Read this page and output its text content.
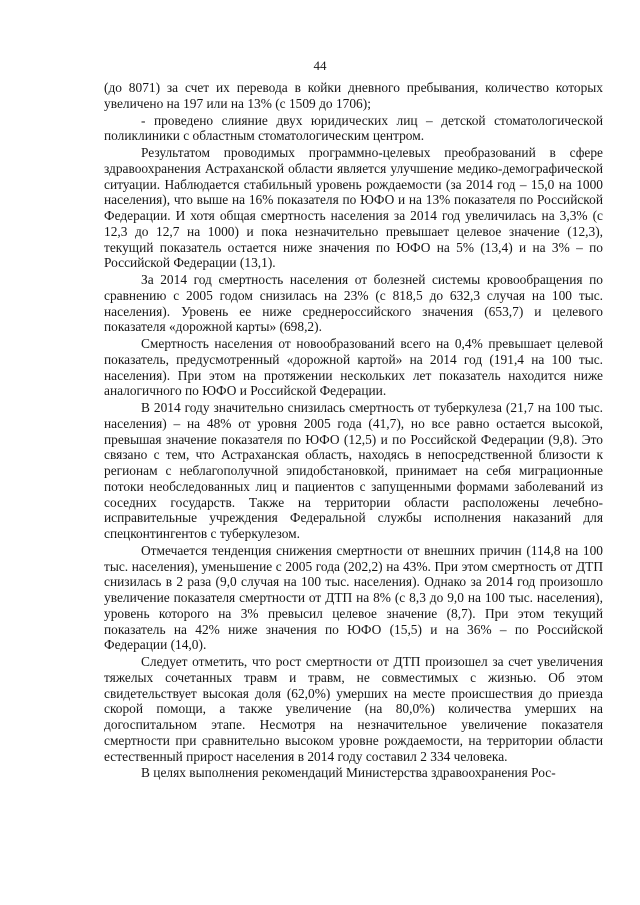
44

(до 8071) за счет их перевода в койки дневного пребывания, количество которых увеличено на 197 или на 13% (с 1509 до 1706);

- проведено слияние двух юридических лиц – детской стоматологической поликлиники с областным стоматологическим центром.

Результатом проводимых программно-целевых преобразований в сфере здравоохранения Астраханской области является улучшение медико-демографической ситуации. Наблюдается стабильный уровень рождаемости (за 2014 год – 15,0 на 1000 населения), что выше на 16% показателя по ЮФО и на 13% показателя по Российской Федерации. И хотя общая смертность населения за 2014 год увеличилась на 3,3% (с 12,3 до 12,7 на 1000) и пока незначительно превышает целевое значение (12,3), текущий показатель остается ниже значения по ЮФО на 5% (13,4) и на 3% – по Российской Федерации (13,1).

За 2014 год смертность населения от болезней системы кровообращения по сравнению с 2005 годом снизилась на 23% (с 818,5 до 632,3 случая на 100 тыс. населения). Уровень ее ниже среднероссийского значения (653,7) и целевого показателя «дорожной карты» (698,2).

Смертность населения от новообразований всего на 0,4% превышает целевой показатель, предусмотренный «дорожной картой» на 2014 год (191,4 на 100 тыс. населения). При этом на протяжении нескольких лет показатель находится ниже аналогичного по ЮФО и Российской Федерации.

В 2014 году значительно снизилась смертность от туберкулеза (21,7 на 100 тыс. населения) – на 48% от уровня 2005 года (41,7), но все равно остается высокой, превышая значение показателя по ЮФО (12,5) и по Российской Федерации (9,8). Это связано с тем, что Астраханская область, находясь в непосредственной близости к регионам с неблагополучной эпидобстановкой, принимает на себя миграционные потоки необследованных лиц и пациентов с запущенными формами заболеваний из соседних государств. Также на территории области расположены лечебно-исправительные учреждения Федеральной службы исполнения наказаний для спецконтингентов с туберкулезом.

Отмечается тенденция снижения смертности от внешних причин (114,8 на 100 тыс. населения), уменьшение с 2005 года (202,2) на 43%. При этом смертность от ДТП снизилась в 2 раза (9,0 случая на 100 тыс. населения). Однако за 2014 год произошло увеличение показателя смертности от ДТП на 8% (с 8,3 до 9,0 на 100 тыс. населения), уровень которого на 3% превысил целевое значение (8,7). При этом текущий показатель на 42% ниже значения по ЮФО (15,5) и на 36% – по Российской Федерации (14,0).

Следует отметить, что рост смертности от ДТП произошел за счет увеличения тяжелых сочетанных травм и травм, не совместимых с жизнью. Об этом свидетельствует высокая доля (62,0%) умерших на месте происшествия до приезда скорой помощи, а также увеличение (на 80,0%) количества умерших на догоспитальном этапе. Несмотря на незначительное увеличение показателя смертности при сравнительно высоком уровне рождаемости, на территории области естественный прирост населения в 2014 году составил 2 334 человека.

В целях выполнения рекомендаций Министерства здравоохранения Рос-
